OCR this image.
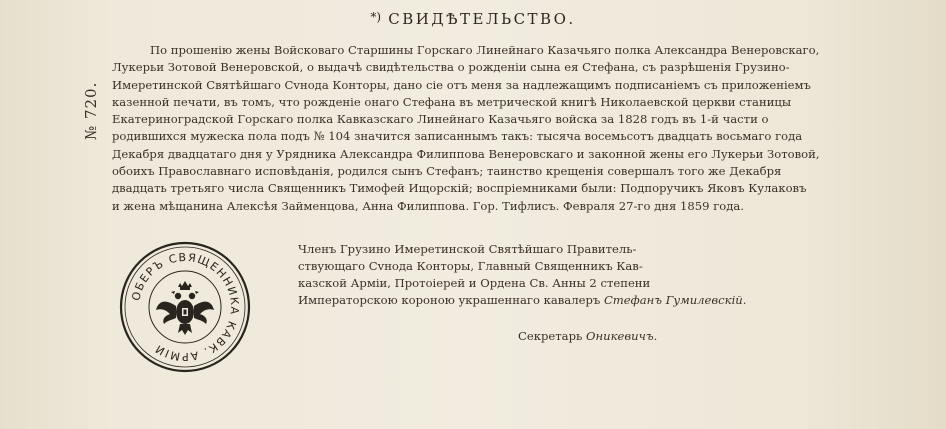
*) СВИДѢТЕЛЬСТВО.
№ 720.
По прошенiю жены Войсковаго Старшины Горскаго Линейнаго Казачьяго полка Александра Венеровскаго,
Лукерьи Зотовой Венеровской, о выдачѣ свидѣтельства о рожденiи сына ея Стефана, съ разрѣшенiя Грузино-
Имеретинской Святѣйшаго Сvнода Конторы, дано сiе отъ меня за надлежащимъ подписанiемъ съ приложенiемъ
казенной печати, въ томъ, что рожденiе онаго Стефана въ метрической книгѣ Николаевской церкви станицы
Екатериноградской Горскаго полка Кавказскаго Линейнаго Казачьяго войска за 1828 годъ въ 1-й части о
родившихся мужеска пола подъ № 104 значится записаннымъ такъ: тысяча восемьсотъ двадцать восьмаго года
Декабря двадцатаго дня у Урядника Александра Филиппова Венеровскаго и законной жены его Лукерьи Зотовой,
обоихъ Православнаго исповѣданiя, родился сынъ Стефанъ; таинство крещенiя совершалъ того же Декабря
двадцать третьяго числа Священникъ Тимофей Ищорскiй; воспрiемниками были: Подпоручикъ Яковъ Кулаковъ
и жена мѣщанина Алексѣя Займенцова, Анна Филиппова. Гор. Тифлисъ. Февраля 27-го дня 1859 года.
ОБЕРЪ СВЯЩЕННИКА КАВК. АРМIИ
Членъ Грузино Имеретинской Святѣйшаго Правитель-
ствующаго Сvнода Конторы, Главный Священникъ Кав-
казской Армiи, Протоiерей и Ордена Св. Анны 2 степени
Императорскою короною украшеннаго кавалеръ Стефанъ Гумилевскiй.
Секретарь Оникевичъ.
